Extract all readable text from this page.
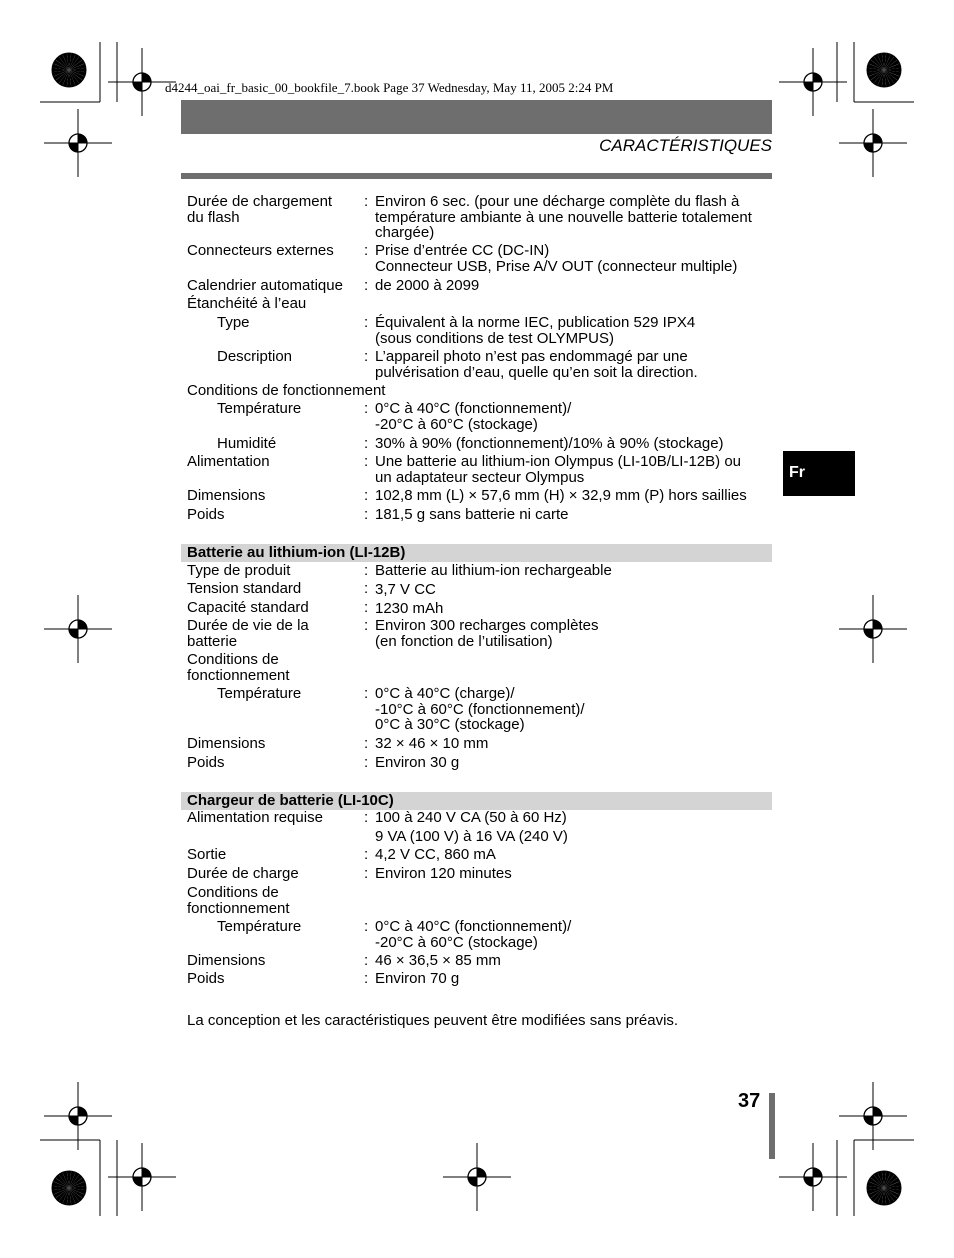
d4244_oai_fr_basic_00_bookfile_7.book Page 37 Wednesday, May 11, 2005 2:24 PM
CARACTÉRISTIQUES
Fr
Durée de chargement
du flash
: Environ 6 sec. (pour une décharge complète du flash à
température ambiante à une nouvelle batterie totalement
chargée)
Connecteurs externes	: Prise d’entrée CC (DC-IN)
Connecteur USB, Prise A/V OUT (connecteur multiple)
Calendrier automatique	: de 2000 à 2099
Étanchéité à l’eau
Type	: Équivalent à la norme IEC, publication 529 IPX4
(sous conditions de test OLYMPUS)
Description	: L’appareil photo n’est pas endommagé par une
pulvérisation d’eau, quelle qu’en soit la direction.
Conditions de fonctionnement
Température	: 0°C à 40°C (fonctionnement)/
-20°C à 60°C (stockage)
Humidité	: 30% à 90% (fonctionnement)/10% à 90% (stockage)
Alimentation	: Une batterie au lithium-ion Olympus (LI-10B/LI-12B) ou
un adaptateur secteur Olympus
Dimensions	: 102,8 mm (L) × 57,6 mm (H) × 32,9 mm (P) hors saillies
Poids	: 181,5 g sans batterie ni carte
Batterie au lithium-ion (LI-12B)
Type de produit	: Batterie au lithium-ion rechargeable
Tension standard	: 3,7 V CC
Capacité standard	: 1230 mAh
Durée de vie de la
batterie
: Environ 300 recharges complètes
(en fonction de l’utilisation)
Conditions de
fonctionnement
Température	: 0°C à 40°C (charge)/
-10°C à 60°C (fonctionnement)/
0°C à 30°C (stockage)
Dimensions	: 32 × 46 × 10 mm
Poids	: Environ 30 g
Chargeur de batterie (LI-10C)
Alimentation requise	: 100 à 240 V CA (50 à 60 Hz)
9 VA (100 V) à 16 VA (240 V)
Sortie	: 4,2 V CC, 860 mA
Durée de charge	: Environ 120 minutes
Conditions de
fonctionnement
Température	: 0°C à 40°C (fonctionnement)/
-20°C à 60°C (stockage)
Dimensions	: 46 × 36,5 × 85 mm
Poids	: Environ 70 g
La conception et les caractéristiques peuvent être modifiées sans préavis.
37
